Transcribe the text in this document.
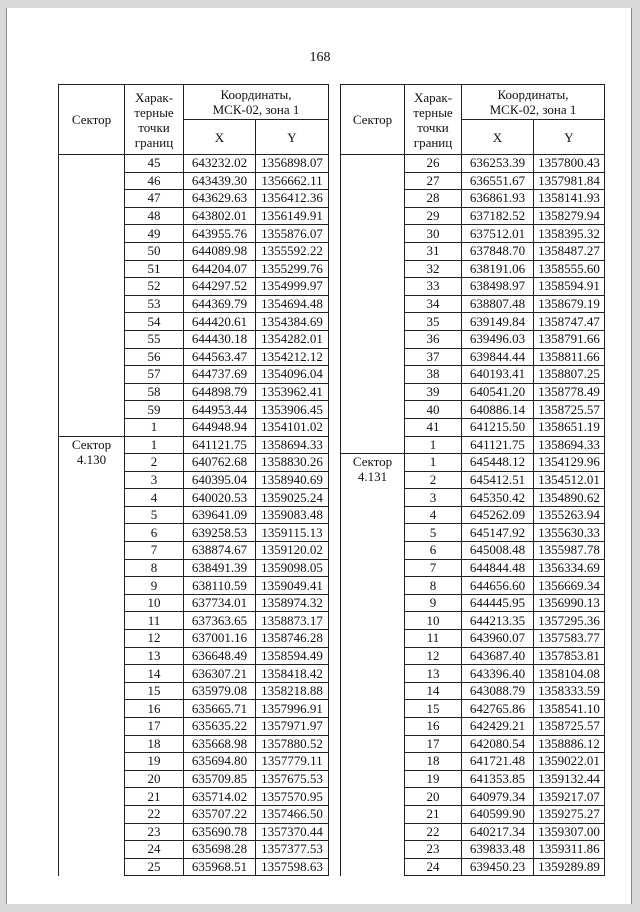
168
Сектор	Харак-
терные
точки
границ	Координаты,
МСК-02, зона 1	
		X	Y
	45	643232.02	1356898.07
	46	643439.30	1356662.11
	47	643629.63	1356412.36
	48	643802.01	1356149.91
	49	643955.76	1355876.07
	50	644089.98	1355592.22
	51	644204.07	1355299.76
	52	644297.52	1354999.97
	53	644369.79	1354694.48
	54	644420.61	1354384.69
	55	644430.18	1354282.01
	56	644563.47	1354212.12
	57	644737.69	1354096.04
	58	644898.79	1353962.41
	59	644953.44	1353906.45
	1	644948.94	1354101.02
Сектор
4.130	1	641121.75	1358694.33
	2	640762.68	1358830.26
	3	640395.04	1358940.69
	4	640020.53	1359025.24
	5	639641.09	1359083.48
	6	639258.53	1359115.13
	7	638874.67	1359120.02
	8	638491.39	1359098.05
	9	638110.59	1359049.41
	10	637734.01	1358974.32
	11	637363.65	1358873.17
	12	637001.16	1358746.28
	13	636648.49	1358594.49
	14	636307.21	1358418.42
	15	635979.08	1358218.88
	16	635665.71	1357996.91
	17	635635.22	1357971.97
	18	635668.98	1357880.52
	19	635694.80	1357779.11
	20	635709.85	1357675.53
	21	635714.02	1357570.95
	22	635707.22	1357466.50
	23	635690.78	1357370.44
	24	635698.28	1357377.53
	25	635968.51	1357598.63
Сектор	Харак-
терные
точки
границ	Координаты,
МСК-02, зона 1	
		X	Y
	26	636253.39	1357800.43
	27	636551.67	1357981.84
	28	636861.93	1358141.93
	29	637182.52	1358279.94
	30	637512.01	1358395.32
	31	637848.70	1358487.27
	32	638191.06	1358555.60
	33	638498.97	1358594.91
	34	638807.48	1358679.19
	35	639149.84	1358747.47
	36	639496.03	1358791.66
	37	639844.44	1358811.66
	38	640193.41	1358807.25
	39	640541.20	1358778.49
	40	640886.14	1358725.57
	41	641215.50	1358651.19
	1	641121.75	1358694.33
Сектор
4.131	1	645448.12	1354129.96
	2	645412.51	1354512.01
	3	645350.42	1354890.62
	4	645262.09	1355263.94
	5	645147.92	1355630.33
	6	645008.48	1355987.78
	7	644844.48	1356334.69
	8	644656.60	1356669.34
	9	644445.95	1356990.13
	10	644213.35	1357295.36
	11	643960.07	1357583.77
	12	643687.40	1357853.81
	13	643396.40	1358104.08
	14	643088.79	1358333.59
	15	642765.86	1358541.10
	16	642429.21	1358725.57
	17	642080.54	1358886.12
	18	641721.48	1359022.01
	19	641353.85	1359132.44
	20	640979.34	1359217.07
	21	640599.90	1359275.27
	22	640217.34	1359307.00
	23	639833.48	1359311.86
	24	639450.23	1359289.89
